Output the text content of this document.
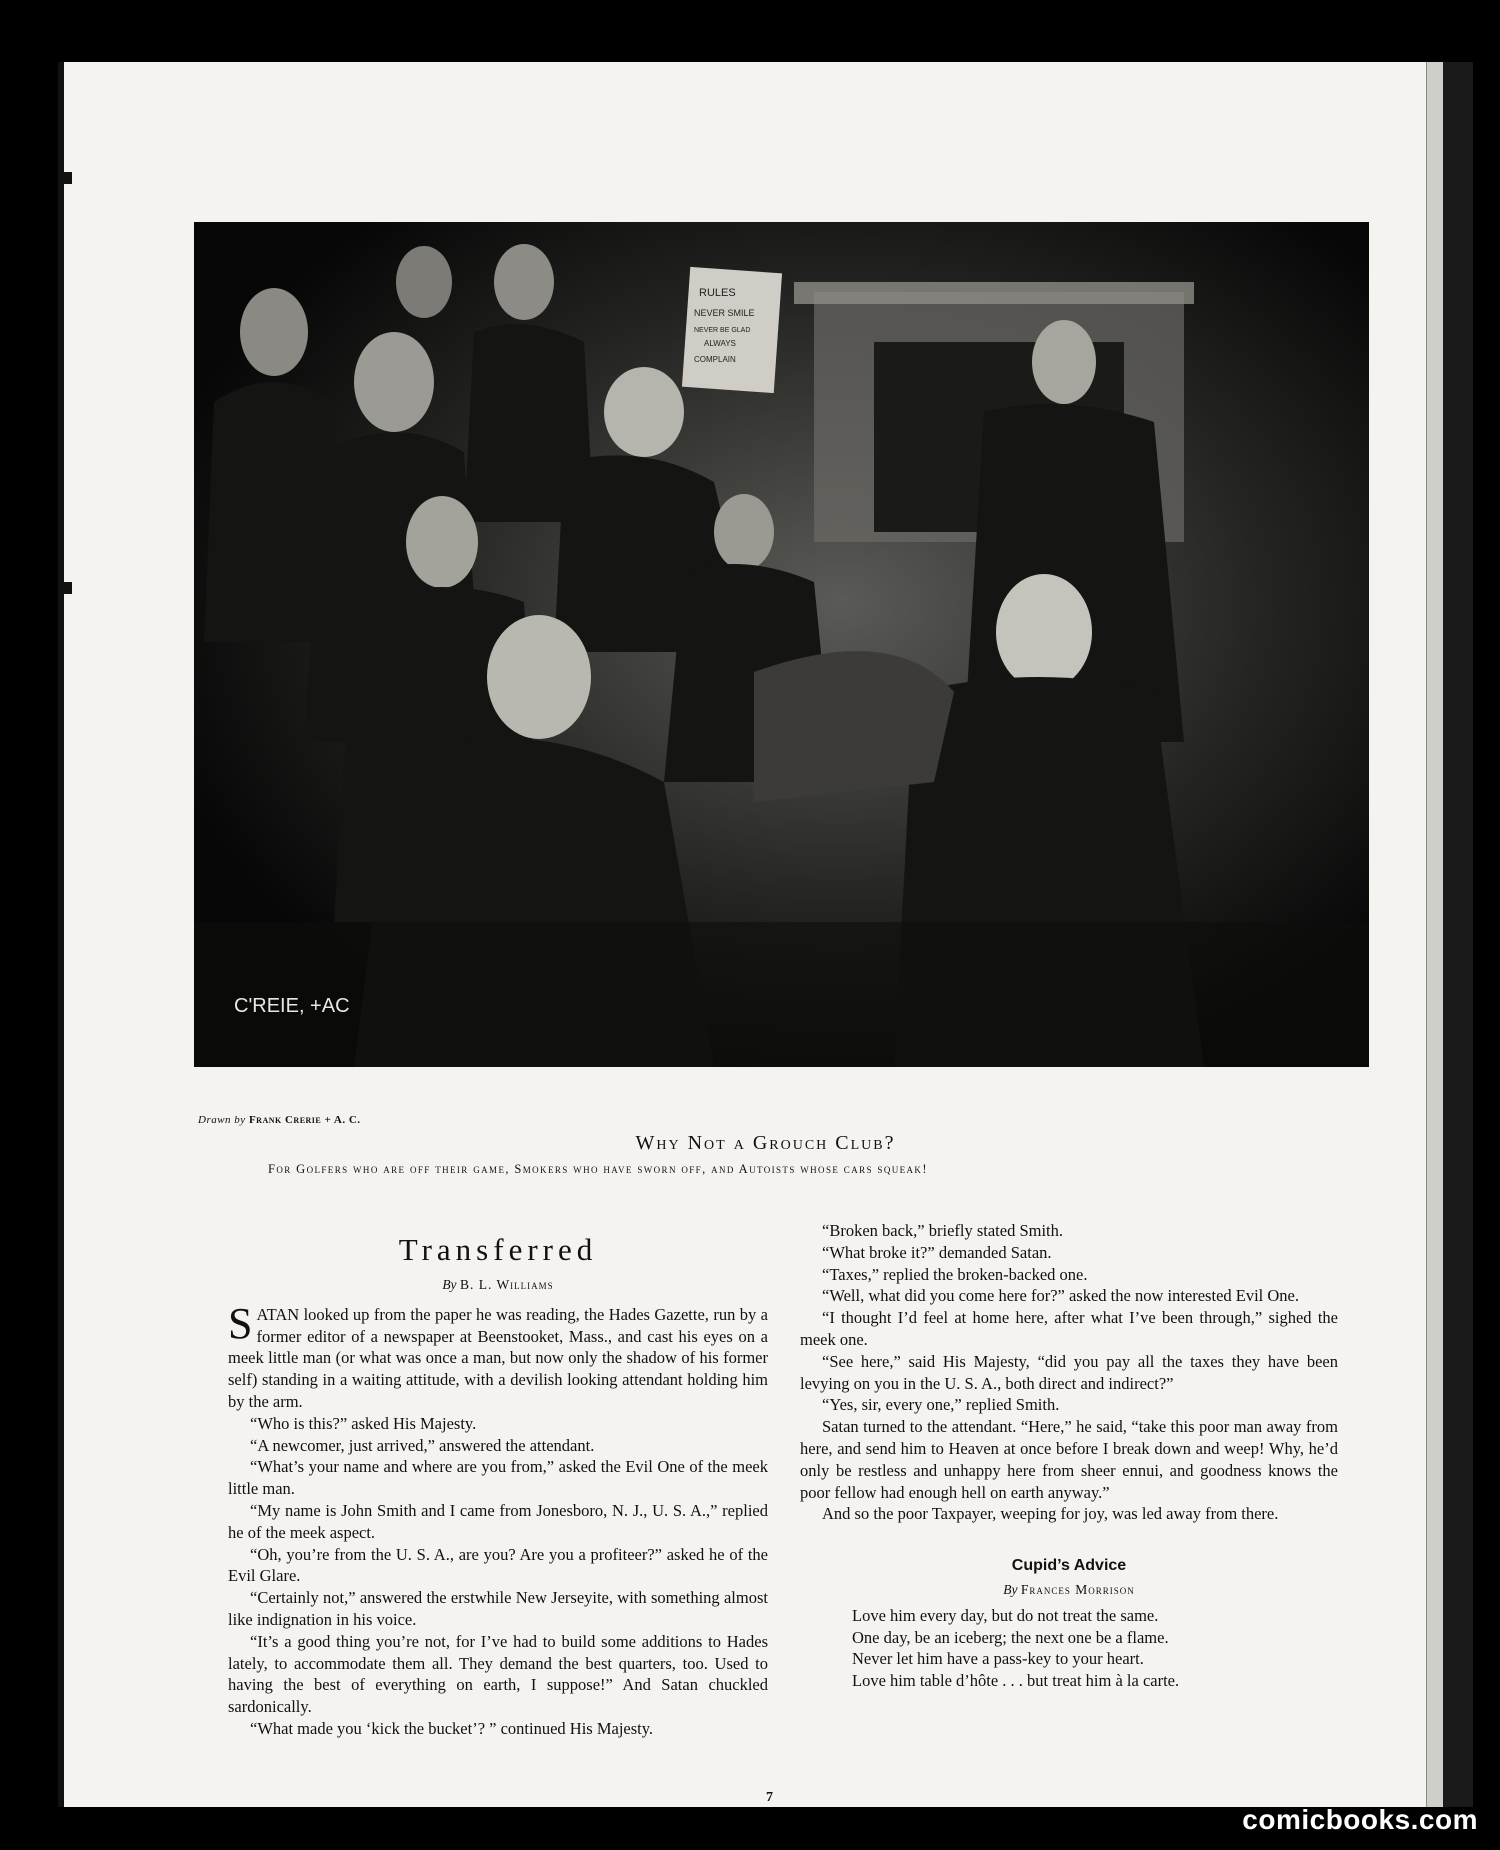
RULES
NEVER SMILE
NEVER BE GLAD
ALWAYS
COMPLAIN
C'REIE, +AC
Drawn by Frank Crerie + A. C.
Why Not a Grouch Club?
For Golfers who are off their game, Smokers who have sworn off, and Autoists whose cars squeak!
Transferred
By B. L. Williams

SATAN looked up from the paper he was reading, the Hades Gazette, run by a former editor of a newspaper at Beenstooket, Mass., and cast his eyes on a meek little man (or what was once a man, but now only the shadow of his former self) standing in a waiting attitude, with a devilish looking attendant holding him by the arm.

“Who is this?” asked His Majesty.

“A newcomer, just arrived,” answered the attendant.

“What’s your name and where are you from,” asked the Evil One of the meek little man.

“My name is John Smith and I came from Jonesboro, N. J., U. S. A.,” replied he of the meek aspect.

“Oh, you’re from the U. S. A., are you? Are you a profiteer?” asked he of the Evil Glare.

“Certainly not,” answered the erstwhile New Jerseyite, with something almost like indignation in his voice.

“It’s a good thing you’re not, for I’ve had to build some additions to Hades lately, to accommodate them all. They demand the best quarters, too. Used to having the best of everything on earth, I suppose!” And Satan chuckled sardonically.

“What made you ‘kick the bucket’? ” continued His Majesty.

“Broken back,” briefly stated Smith.

“What broke it?” demanded Satan.

“Taxes,” replied the broken-backed one.

“Well, what did you come here for?” asked the now interested Evil One.

“I thought I’d feel at home here, after what I’ve been through,” sighed the meek one.

“See here,” said His Majesty, “did you pay all the taxes they have been levying on you in the U. S. A., both direct and indirect?”

“Yes, sir, every one,” replied Smith.

Satan turned to the attendant. “Here,” he said, “take this poor man away from here, and send him to Heaven at once before I break down and weep! Why, he’d only be restless and unhappy here from sheer ennui, and goodness knows the poor fellow had enough hell on earth anyway.”

And so the poor Taxpayer, weeping for joy, was led away from there.

Cupid’s Advice
By Frances Morrison
Love him every day, but do not treat the same.
One day, be an iceberg; the next one be a flame.
Never let him have a pass-key to your heart.
Love him table d’hôte . . . but treat him à la carte.
7
comicbooks.com
